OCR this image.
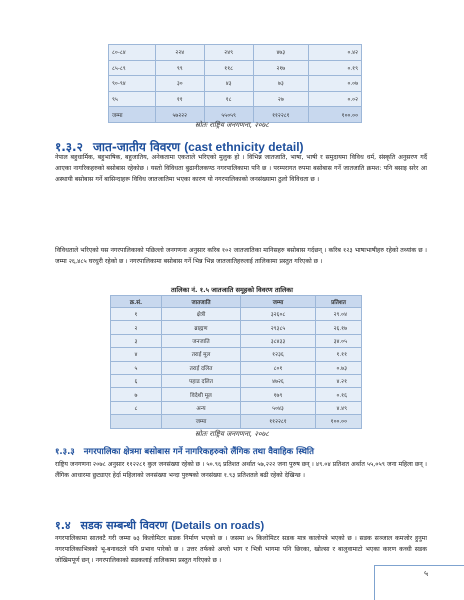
८०-८४	२२४	२४९	४७३	०.४२
८५-८९	९९	११८	२१७	०.१९
९०-९४	३०	४३	७३	०.०७
९५	११	१८	२७	०.०२
जम्मा	५७२२२	५५०५९	११२२८१	१००.००
स्रोतः राष्ट्रिय जनगणना, २०७८
१.३.२ जात-जातीय विवरण (cast ethnicity detail)

नेपाल बहुधार्मिक, बहुभाषिक, बहुजातिय, अनेकतामा एकताले भरिएको मुलुक हो । विभिन्न जातजाति, भाषा, भाषी र समुदायमा विविध धर्म, संस्कृति अनुसरण गर्दै आएका नागरिकहरुको बसोबास रहेकोछ । यस्तो विविधता बुढानीलकण्ठ नगरपालिकामा पनि छ । परम्परागत रुपमा बसोबास गर्ने जातजाति क्रमश: पनि बसाइ सरेर आ अस्थायी बसोबास गर्ने बासिन्दाहरू विविध जातजातिमा भएका कारण यो नगरपालिकाको जनसंख्यामा ठुलो विविधता छ ।

विविधताले भरिएको यस नगरपालिकाको पछिल्लो जनगणना अनुसार करिब १०२ जातजातिका मानिसहरु बसोबास गर्दछन् । करिब १२३ भाषाभाषीहरु रहेको तथ्यांक छ । जम्मा २६,४८५ घरधुरी रहेको छ । नगरपालिकामा बसोबास गर्ने भिन्न भिन्न जातजातिहरुलाई तालिकामा प्रस्तुत गरिएको छ ।

तालिका नं. १.५ जातजाति समूहको विवरण तालिका
क्र.सं.	जातजाति	जम्मा	प्रतिशत
१	क्षेत्री	३२६०८	२९.०४
२	ब्राह्मण	२९३८५	२६.१७
३	जनजाति	३८४३३	३४.०५
४	तराई मूल	१२३६	१.११
५	तराई दलित	८०१	०.७३
६	पहाड दलित	४७२६	४.२१
७	विदेशी मूल	१७९	०.१६
८	अन्य	५०४३	४.४९
	जम्मा	११२२८१	१००.००
स्रोतः राष्ट्रिय जनगणना, २०७८
१.३.३ नगरपालिका क्षेत्रमा बसोबास गर्ने नागरिकहरुको लैंगिक तथा वैवाहिक स्थिति

राष्ट्रिय जनगणना २०७८ अनुसार ११२२८१ कुल जनसंख्या रहेको छ । ५०.९६ प्रतिशत अर्थात ५७,२२२ जना पुरुष छन् । ४९.०४ प्रतिशत अर्थात ५५,०५९ जना महिला छन् । लैंगिक आधारमा छुट्याएर हेर्दा महिलाको जनसंख्या भन्दा पुरुषको जनसंख्या १.९३ प्रतिशतले बढी रहेको देखिन्छ ।

१.४ सडक सम्बन्धी विवरण (Details on roads)

नगरपालिकामा सातवटै गरी जम्मा ७३ किलोमिटर सडक निर्माण भएको छ । जसमा ४५ किलोमिटर सडक मात्र कालोपत्रे भएको छ । सडक सञ्जाल कमजोर हुनुमा नगरपालिकाभित्रको भू-बनावटले पनि प्रभाव पारेको छ । उत्तर तर्फको अग्लो भाग र भित्री भागमा पनि छिरका, खोल्सा र बालुवामाटो भएका कारण कच्ची सडक जोखिमपूर्ण छन् । नगरपालिकाको सडकलाई तालिकामा प्रस्तुत गरिएको छ ।

५
